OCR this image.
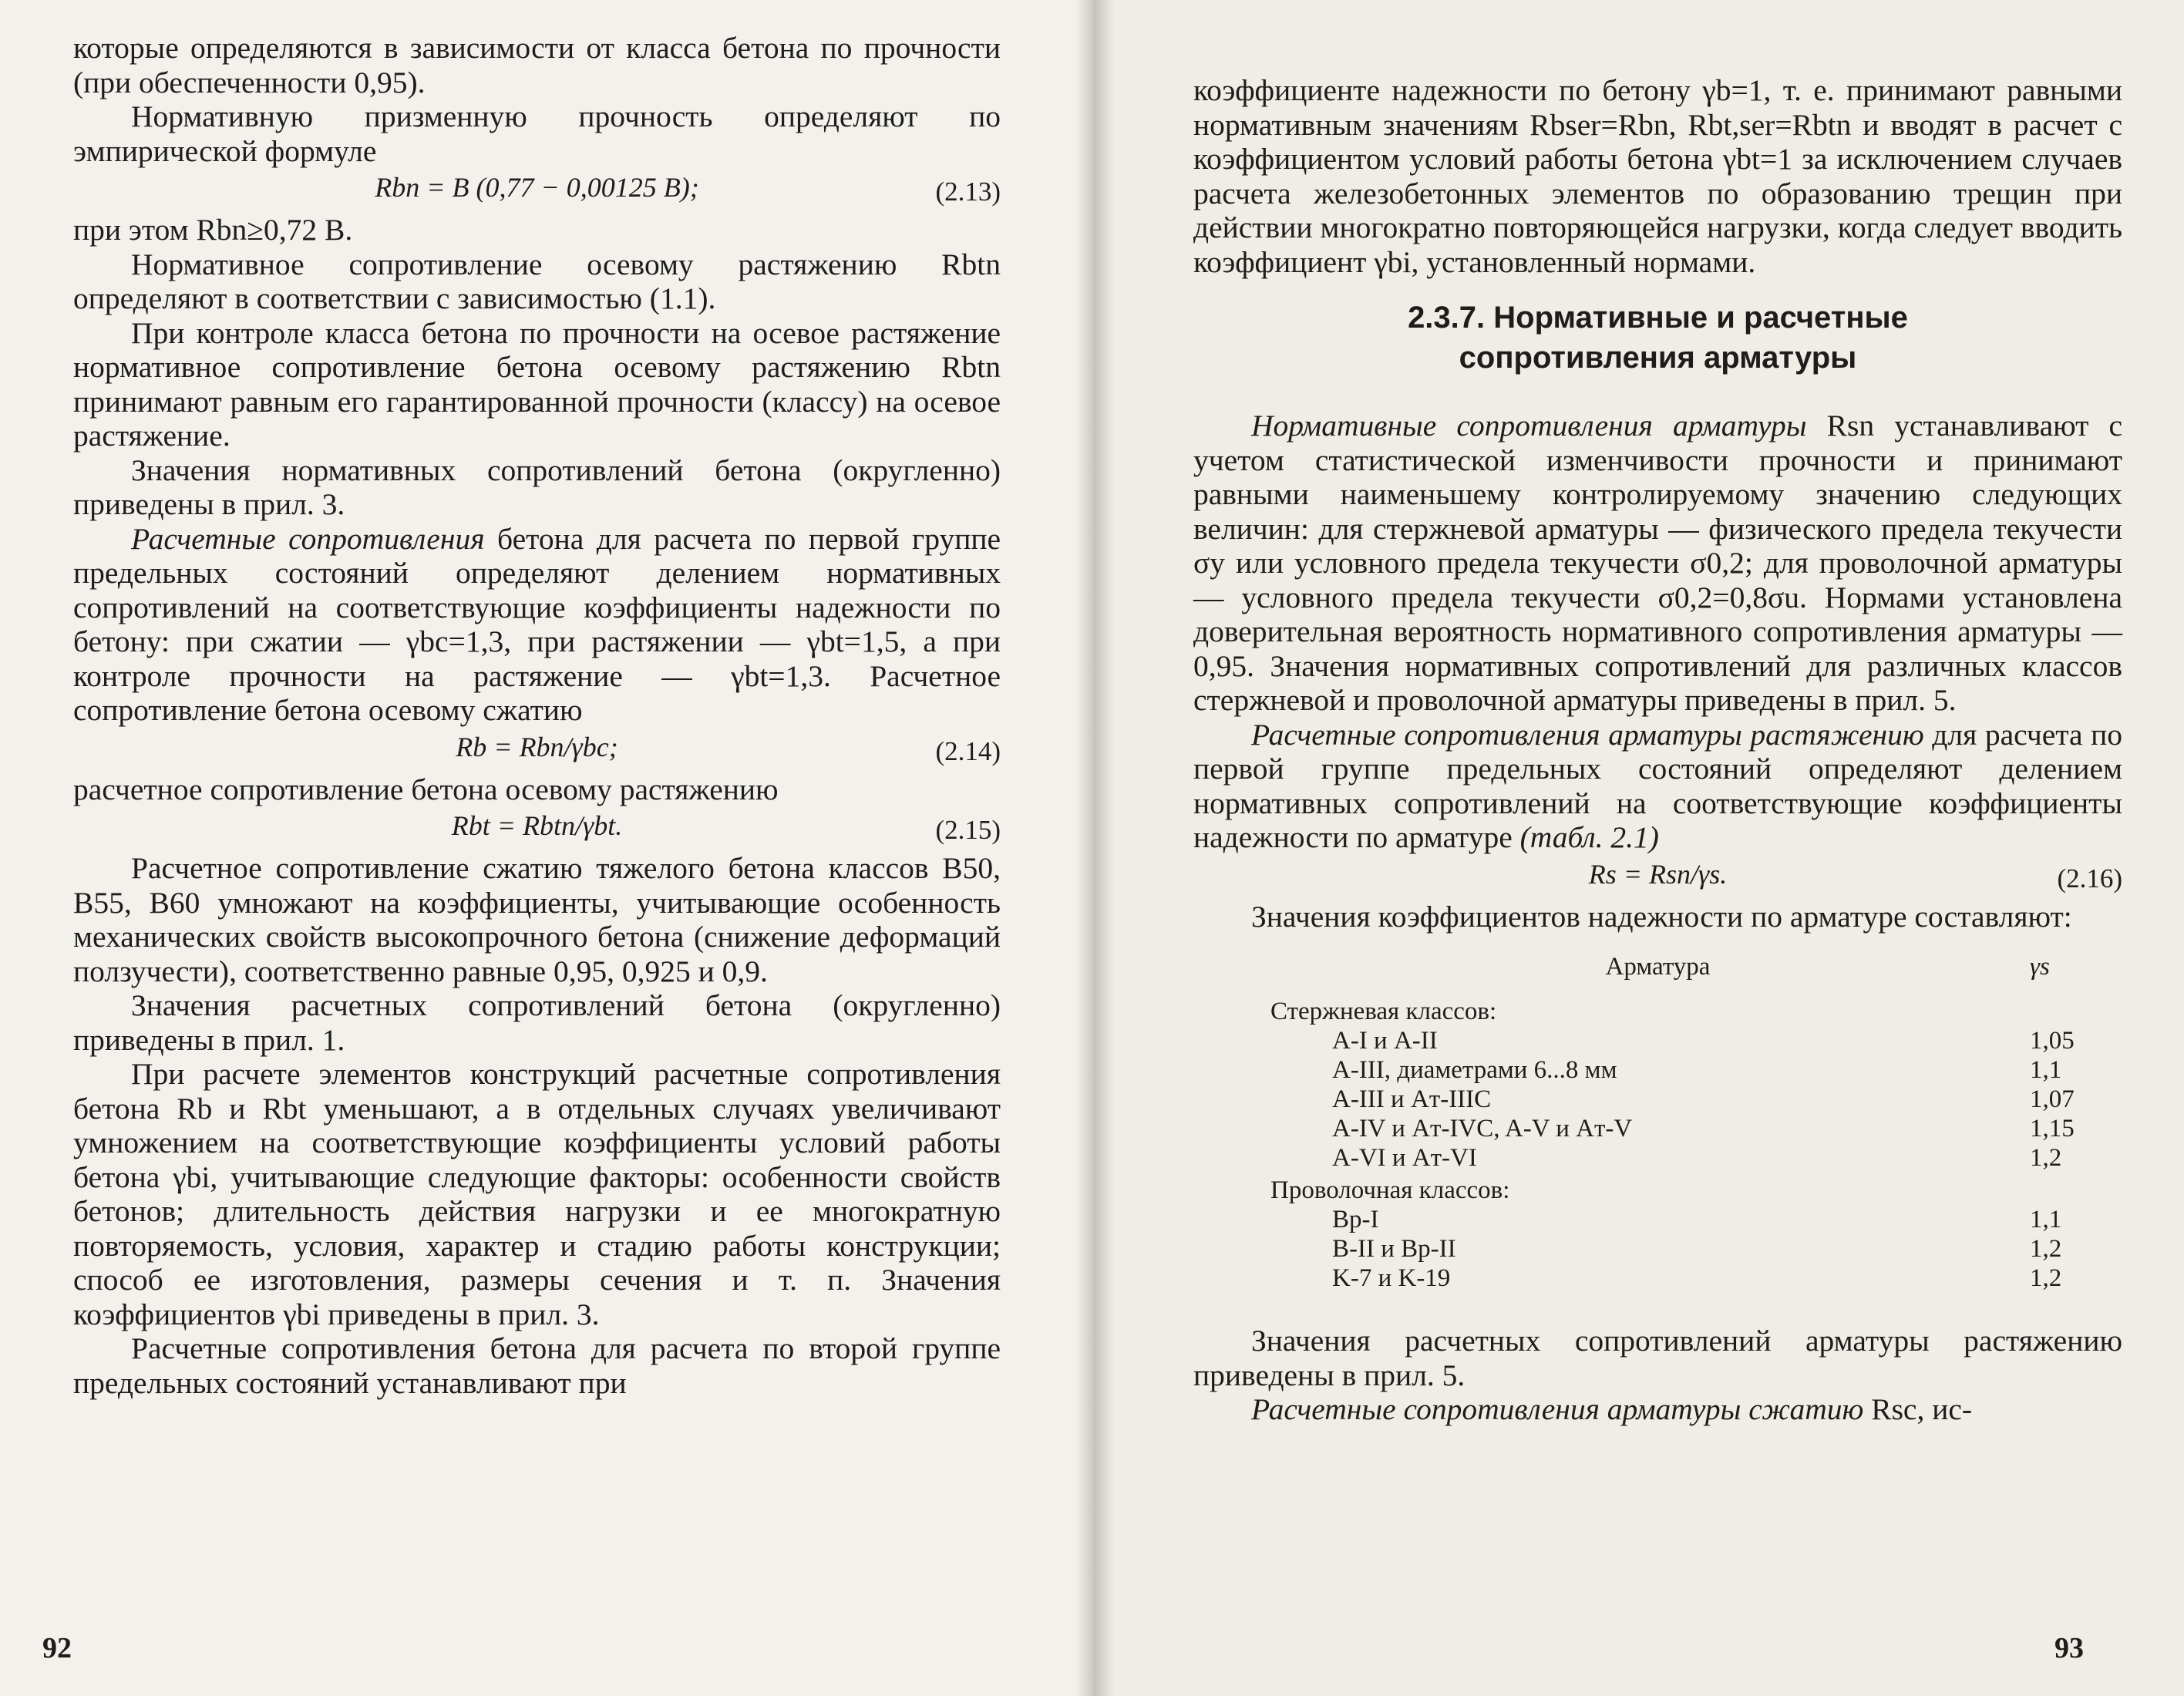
которые определяются в зависимости от класса бетона по прочности (при обеспеченности 0,95).

Нормативную призменную прочность определяют по эмпирической формуле

Rbn = B (0,77 − 0,00125 B);	(2.13)

при этом Rbn≥0,72 B.

Нормативное сопротивление осевому растяжению Rbtn определяют в соответствии с зависимостью (1.1).

При контроле класса бетона по прочности на осевое растяжение нормативное сопротивление бетона осевому растяжению Rbtn принимают равным его гарантированной прочности (классу) на осевое растяжение.

Значения нормативных сопротивлений бетона (округленно) приведены в прил. 3.

Расчетные сопротивления бетона для расчета по первой группе предельных состояний определяют делением нормативных сопротивлений на соответствующие коэффициенты надежности по бетону: при сжатии — γbc=1,3, при растяжении — γbt=1,5, а при контроле прочности на растяжение — γbt=1,3. Расчетное сопротивление бетона осевому сжатию

Rb = Rbn/γbc;	(2.14)

расчетное сопротивление бетона осевому растяжению

Rbt = Rbtn/γbt.	(2.15)

Расчетное сопротивление сжатию тяжелого бетона классов B50, B55, B60 умножают на коэффициенты, учитывающие особенность механических свойств высокопрочного бетона (снижение деформаций ползучести), соответственно равные 0,95, 0,925 и 0,9.

Значения расчетных сопротивлений бетона (округленно) приведены в прил. 1.

При расчете элементов конструкций расчетные сопротивления бетона Rb и Rbt уменьшают, а в отдельных случаях увеличивают умножением на соответствующие коэффициенты условий работы бетона γbi, учитывающие следующие факторы: особенности свойств бетонов; длительность действия нагрузки и ее многократную повторяемость, условия, характер и стадию работы конструкции; способ ее изготовления, размеры сечения и т. п. Значения коэффициентов γbi приведены в прил. 3.

Расчетные сопротивления бетона для расчета по второй группе предельных состояний устанавливают при

92

коэффициенте надежности по бетону γb=1, т. е. принимают равными нормативным значениям Rbser=Rbn, Rbt,ser=Rbtn и вводят в расчет с коэффициентом условий работы бетона γbt=1 за исключением случаев расчета железобетонных элементов по образованию трещин при действии многократно повторяющейся нагрузки, когда следует вводить коэффициент γbi, установленный нормами.

2.3.7. Нормативные и расчетные
сопротивления арматуры

Нормативные сопротивления арматуры Rsn устанавливают с учетом статистической изменчивости прочности и принимают равными наименьшему контролируемому значению следующих величин: для стержневой арматуры — физического предела текучести σy или условного предела текучести σ0,2; для проволочной арматуры — условного предела текучести σ0,2=0,8σu. Нормами установлена доверительная вероятность нормативного сопротивления арматуры — 0,95. Значения нормативных сопротивлений для различных классов стержневой и проволочной арматуры приведены в прил. 5.

Расчетные сопротивления арматуры растяжению для расчета по первой группе предельных состояний определяют делением нормативных сопротивлений на соответствующие коэффициенты надежности по арматуре (табл. 2.1)

Rs = Rsn/γs.	(2.16)

Значения коэффициентов надежности по арматуре составляют:

Арматура	γs
Стержневая классов:
A-I и A-II	1,05
A-III, диаметрами 6...8 мм	1,1
A-III и Aт-IIIC	1,07
A-IV и Aт-IVC, A-V и Aт-V	1,15
A-VI и Aт-VI	1,2
Проволочная классов:
Bp-I	1,1
B-II и Bp-II	1,2
K-7 и K-19	1,2

Значения расчетных сопротивлений арматуры растяжению приведены в прил. 5.

Расчетные сопротивления арматуры сжатию Rsc, ис-

93
